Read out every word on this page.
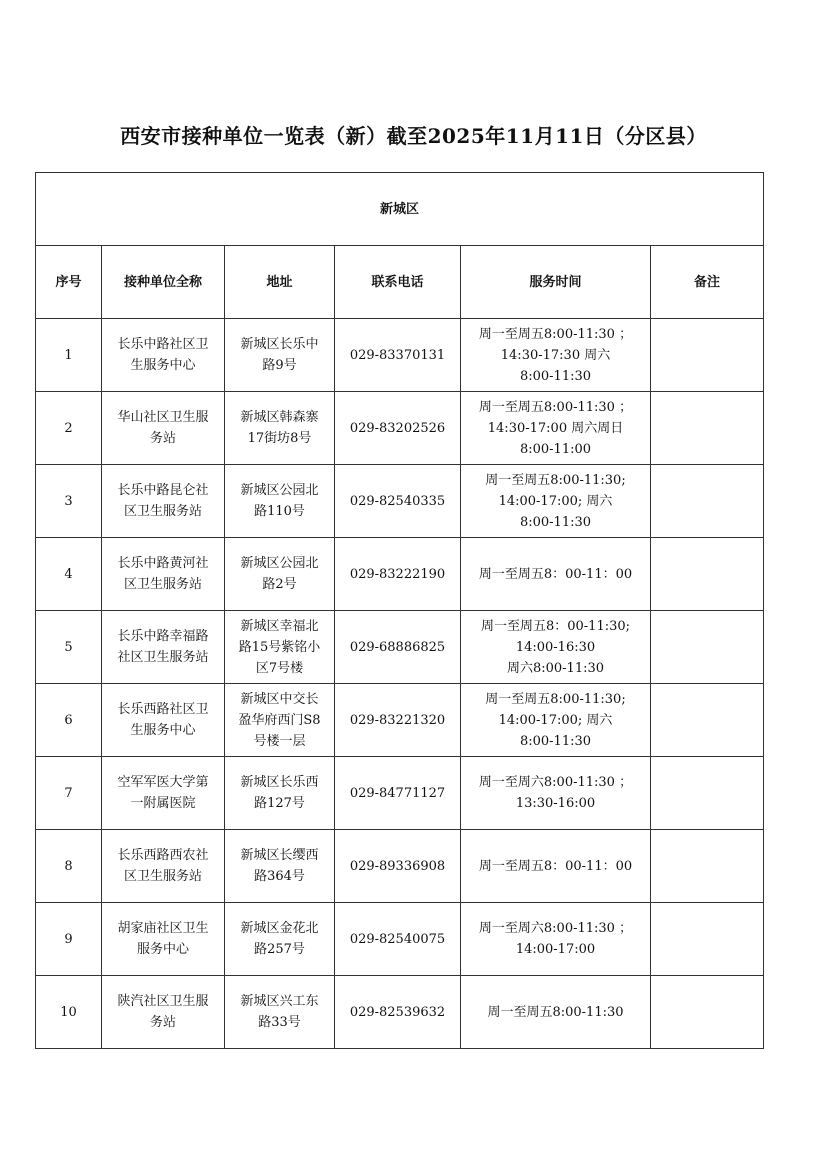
西安市接种单位一览表（新）截至2025年11月11日（分区县）
新城区					
序号	接种单位全称	地址	联系电话	服务时间	备注
1	长乐中路社区卫
生服务中心	新城区长乐中
路9号	029-83370131	周一至周五8:00-11:30 ；
14:30-17:30 周六
8:00-11:30	

2	华山社区卫生服
务站	新城区韩森寨
17街坊8号	029-83202526	周一至周五8:00-11:30 ；
14:30-17:00 周六周日
8:00-11:00	

3	长乐中路昆仑社
区卫生服务站	新城区公园北
路110号	029-82540335	周一至周五8:00-11:30;
14:00-17:00; 周六
8:00-11:30	

4	长乐中路黄河社
区卫生服务站	新城区公园北
路2号	029-83222190	周一至周五8：00-11：00	

5	长乐中路幸福路
社区卫生服务站	新城区幸福北
路15号紫铭小
区7号楼	029-68886825	周一至周五8：00-11:30;
14:00-16:30
周六8:00-11:30	

6	长乐西路社区卫
生服务中心	新城区中交长
盈华府西门S8
号楼一层	029-83221320	周一至周五8:00-11:30;
14:00-17:00; 周六
8:00-11:30	

7	空军军医大学第
一附属医院	新城区长乐西
路127号	029-84771127	周一至周六8:00-11:30 ；
13:30-16:00	

8	长乐西路西农社
区卫生服务站	新城区长缨西
路364号	029-89336908	周一至周五8：00-11：00	

9	胡家庙社区卫生
服务中心	新城区金花北
路257号	029-82540075	周一至周六8:00-11:30 ；
14:00-17:00	

10	陕汽社区卫生服
务站	新城区兴工东
路33号	029-82539632	周一至周五8:00-11:30	
